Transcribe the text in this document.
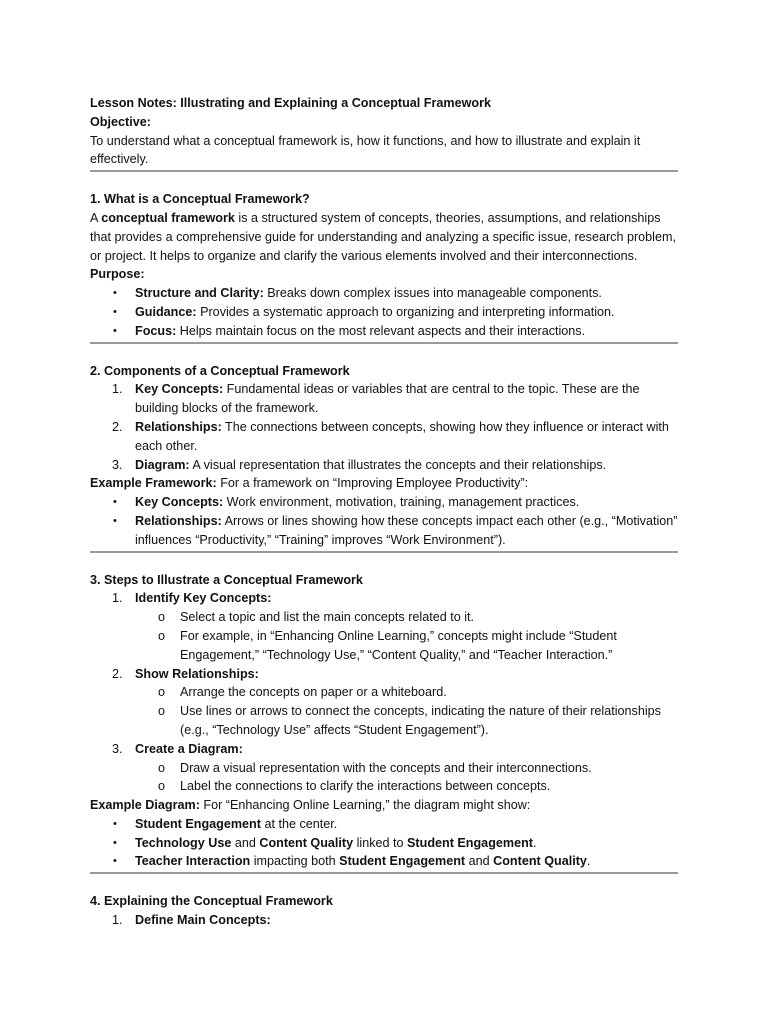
Lesson Notes: Illustrating and Explaining a Conceptual Framework
Objective:
To understand what a conceptual framework is, how it functions, and how to illustrate and explain it effectively.
1. What is a Conceptual Framework?
A conceptual framework is a structured system of concepts, theories, assumptions, and relationships that provides a comprehensive guide for understanding and analyzing a specific issue, research problem, or project. It helps to organize and clarify the various elements involved and their interconnections.
Purpose:
• Structure and Clarity: Breaks down complex issues into manageable components.
• Guidance: Provides a systematic approach to organizing and interpreting information.
• Focus: Helps maintain focus on the most relevant aspects and their interactions.
2. Components of a Conceptual Framework
1. Key Concepts: Fundamental ideas or variables that are central to the topic. These are the building blocks of the framework.
2. Relationships: The connections between concepts, showing how they influence or interact with each other.
3. Diagram: A visual representation that illustrates the concepts and their relationships.
Example Framework: For a framework on “Improving Employee Productivity”:
• Key Concepts: Work environment, motivation, training, management practices.
• Relationships: Arrows or lines showing how these concepts impact each other (e.g., “Motivation” influences “Productivity,” “Training” improves “Work Environment”).
3. Steps to Illustrate a Conceptual Framework
1. Identify Key Concepts:
o Select a topic and list the main concepts related to it.
o For example, in “Enhancing Online Learning,” concepts might include “Student Engagement,” “Technology Use,” “Content Quality,” and “Teacher Interaction.”
2. Show Relationships:
o Arrange the concepts on paper or a whiteboard.
o Use lines or arrows to connect the concepts, indicating the nature of their relationships (e.g., “Technology Use” affects “Student Engagement”).
3. Create a Diagram:
o Draw a visual representation with the concepts and their interconnections.
o Label the connections to clarify the interactions between concepts.
Example Diagram: For “Enhancing Online Learning,” the diagram might show:
• Student Engagement at the center.
• Technology Use and Content Quality linked to Student Engagement.
• Teacher Interaction impacting both Student Engagement and Content Quality.
4. Explaining the Conceptual Framework
1. Define Main Concepts:
